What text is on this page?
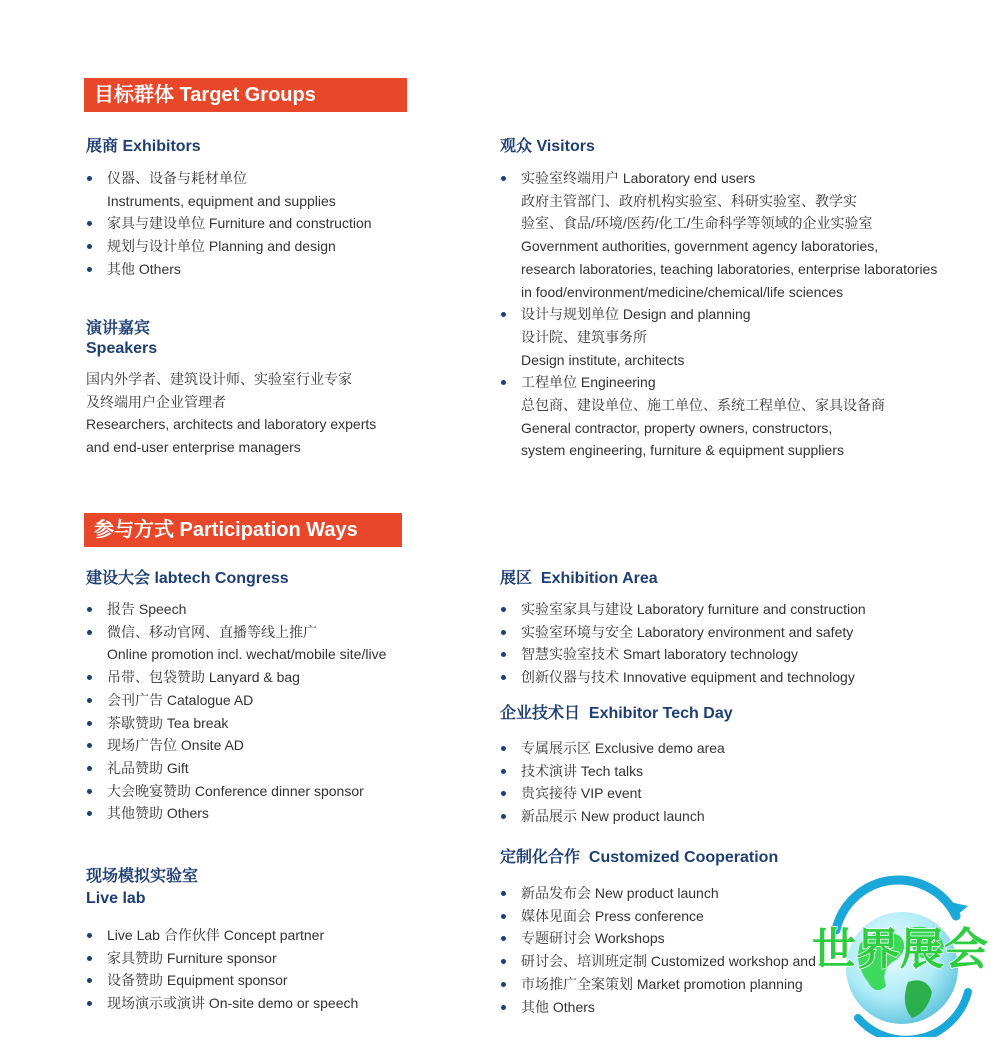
目标群体 Target Groups
展商 Exhibitors
仪器、设备与耗材单位
Instruments, equipment and supplies
家具与建设单位 Furniture and construction
规划与设计单位 Planning and design
其他 Others
演讲嘉宾
Speakers
国内外学者、建筑设计师、实验室行业专家
及终端用户企业管理者
Researchers, architects and laboratory experts
and end-user enterprise managers
观众 Visitors
实验室终端用户 Laboratory end users
政府主管部门、政府机构实验室、科研实验室、教学实
验室、食品/环境/医药/化工/生命科学等领域的企业实验室
Government authorities, government agency laboratories,
research laboratories, teaching laboratories, enterprise laboratories
in food/environment/medicine/chemical/life sciences
设计与规划单位 Design and planning
设计院、建筑事务所
Design institute, architects
工程单位 Engineering
总包商、建设单位、施工单位、系统工程单位、家具设备商
General contractor, property owners, constructors,
system engineering, furniture & equipment suppliers
参与方式 Participation Ways
建设大会 labtech Congress
报告 Speech
微信、移动官网、直播等线上推广
Online promotion incl. wechat/mobile site/live
吊带、包袋赞助 Lanyard & bag
会刊广告 Catalogue AD
茶歇赞助 Tea break
现场广告位 Onsite AD
礼品赞助 Gift
大会晚宴赞助 Conference dinner sponsor
其他赞助 Others
现场模拟实验室
Live lab
Live Lab 合作伙伴 Concept partner
家具赞助 Furniture sponsor
设备赞助 Equipment sponsor
现场演示或演讲 On-site demo or speech
展区  Exhibition Area
实验室家具与建设 Laboratory furniture and construction
实验室环境与安全 Laboratory environment and safety
智慧实验室技术 Smart laboratory technology
创新仪器与技术 Innovative equipment and technology
企业技术日  Exhibitor Tech Day
专属展示区 Exclusive demo area
技术演讲 Tech talks
贵宾接待 VIP event
新品展示 New product launch
定制化合作  Customized Cooperation
新品发布会 New product launch
媒体见面会 Press conference
专题研讨会 Workshops
研讨会、培训班定制 Customized workshop and
市场推广全案策划 Market promotion planning
其他 Others
世界展会
